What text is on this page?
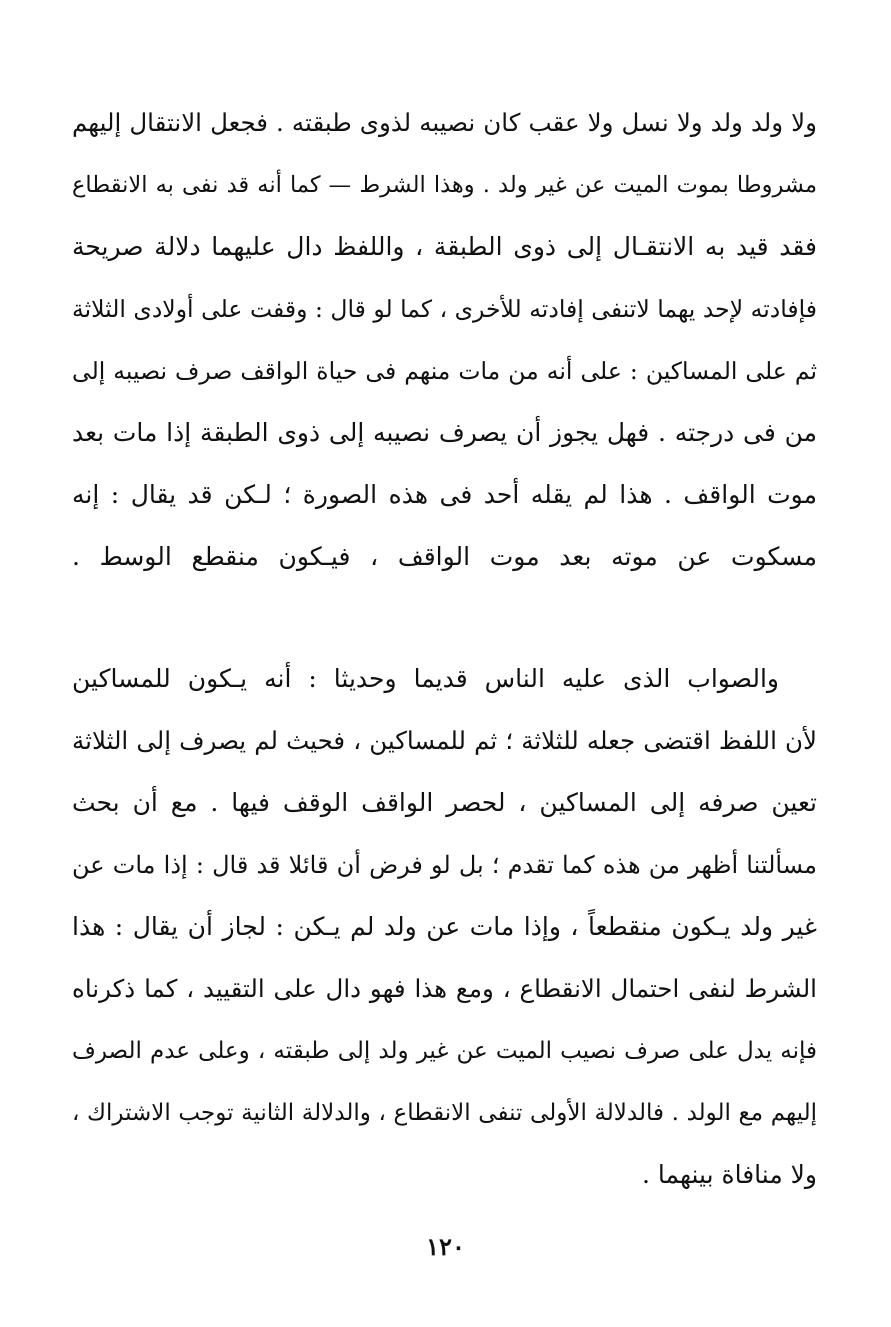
ولا ولد ولد ولا نسل ولا عقب كان نصيبه لذوى طبقته . فجعل الانتقال إليهم
مشروطا بموت الميت عن غير ولد . وهذا الشرط — كما أنه قد نفى به الانقطاع
فقد قيد به الانتقـال إلى ذوى الطبقة ، واللفظ دال عليهما دلالة صريحة
فإفادته لإحد يهما لاتنفى إفادته للأخرى ، كما لو قال : وقفت على أولادى الثلاثة
ثم على المساكين : على أنه من مات منهم فى حياة الواقف صرف نصيبه إلى
من فى درجته . فهل يجوز أن يصرف نصيبه إلى ذوى الطبقة إذا مات بعد
موت الواقف . هذا لم يقله أحد فى هذه الصورة ؛ لـكن قد يقال : إنه
مسكوت عن موته بعد موت الواقف ، فيـكون منقطع الوسط .
والصواب الذى عليه الناس قديما وحديثا : أنه يـكون للمساكين
لأن اللفظ اقتضى جعله للثلاثة ؛ ثم للمساكين ، فحيث لم يصرف إلى الثلاثة
تعين صرفه إلى المساكين ، لحصر الواقف الوقف فيها . مع أن بحث
مسألتنا أظهر من هذه كما تقدم ؛ بل لو فرض أن قائلا قد قال : إذا مات عن
غير ولد يـكون منقطعاً ، وإذا مات عن ولد لم يـكن : لجاز أن يقال : هذا
الشرط لنفى احتمال الانقطاع ، ومع هذا فهو دال على التقييد ، كما ذكرناه
فإنه يدل على صرف نصيب الميت عن غير ولد إلى طبقته ، وعلى عدم الصرف
إليهم مع الولد . فالدلالة الأولى تنفى الانقطاع ، والدلالة الثانية توجب الاشتراك ،
ولا منافاة بينهما .
١٢٠
